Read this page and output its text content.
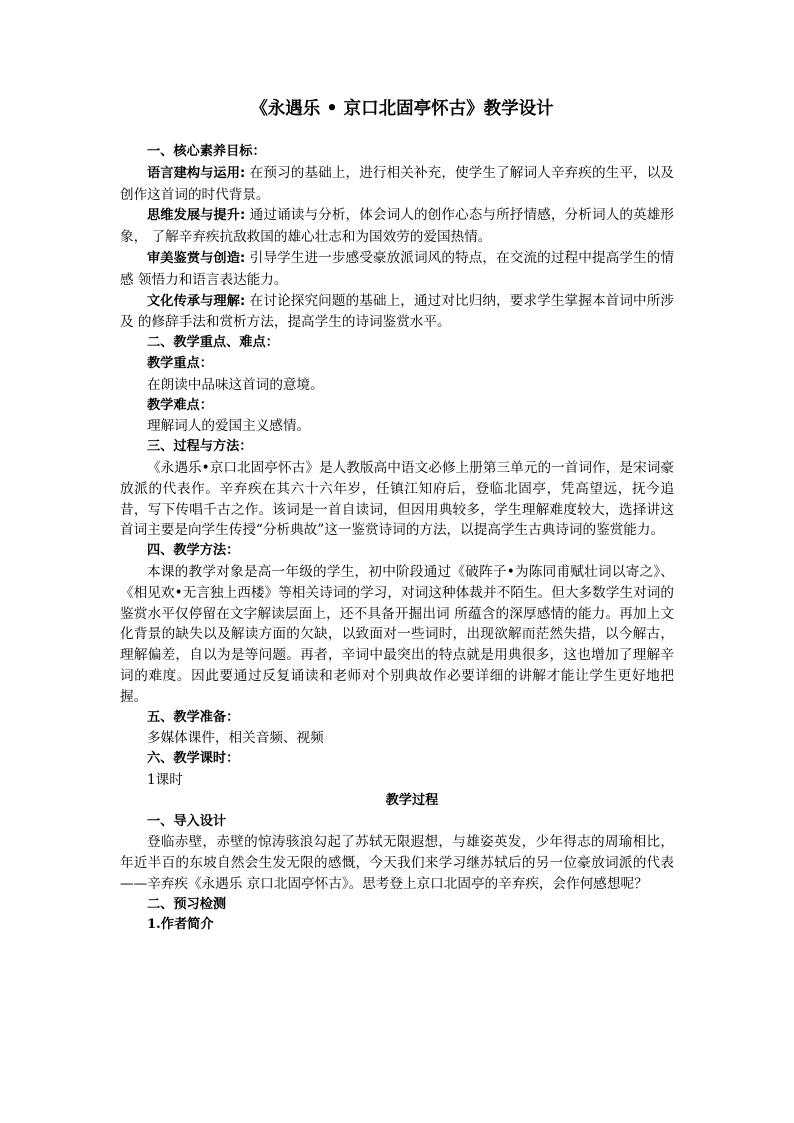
《永遇乐 • 京口北固亭怀古》教学设计

一、核心素养目标：

语言建构与运用: 在预习的基础上，进行相关补充，使学生了解词人辛弃疾的生平，以及创作这首词的时代背景。

思维发展与提升: 通过诵读与分析，体会词人的创作心态与所抒情感，分析词人的英雄形象， 了解辛弃疾抗敌救国的雄心壮志和为国效劳的爱国热情。

审美鉴赏与创造: 引导学生进一步感受豪放派词风的特点，在交流的过程中提高学生的情感 领悟力和语言表达能力。

文化传承与理解: 在讨论探究问题的基础上，通过对比归纳，要求学生掌握本首词中所涉及 的修辞手法和赏析方法，提高学生的诗词鉴赏水平。

二、教学重点、难点：

教学重点：

在朗读中品味这首词的意境。

教学难点：

理解词人的爱国主义感情。

三、过程与方法：

《永遇乐•京口北固亭怀古》是人教版高中语文必修上册第三单元的一首词作，是宋词豪放派的代表作。辛弃疾在其六十六年岁，任镇江知府后，登临北固亭，凭高望远，抚今追昔，写下传唱千古之作。该词是一首自读词，但因用典较多，学生理解难度较大，选择讲这首词主要是向学生传授“分析典故”这一鉴赏诗词的方法，以提高学生古典诗词的鉴赏能力。

四、教学方法：

本课的教学对象是高一年级的学生，初中阶段通过《破阵子•为陈同甫赋壮词以寄之》、《相见欢•无言独上西楼》等相关诗词的学习，对词这种体裁并不陌生。但大多数学生对词的鉴赏水平仅停留在文字解读层面上，还不具备开掘出词 所蕴含的深厚感情的能力。再加上文化背景的缺失以及解读方面的欠缺，以致面对一些词时，出现欲解而茫然失措，以今解古，理解偏差，自以为是等问题。再者，辛词中最突出的特点就是用典很多，这也增加了理解辛词的难度。因此要通过反复诵读和老师对个别典故作必要详细的讲解才能让学生更好地把握。

五、教学准备：

多媒体课件，相关音频、视频

六、教学课时：

1课时

教学过程

一、导入设计

登临赤壁，赤壁的惊涛骇浪勾起了苏轼无限遐想，与雄姿英发，少年得志的周瑜相比，年近半百的东坡自然会生发无限的感慨，今天我们来学习继苏轼后的另一位豪放词派的代表——辛弃疾《永遇乐 京口北固亭怀古》。思考登上京口北固亭的辛弃疾，会作何感想呢？

二、预习检测

1.作者简介
